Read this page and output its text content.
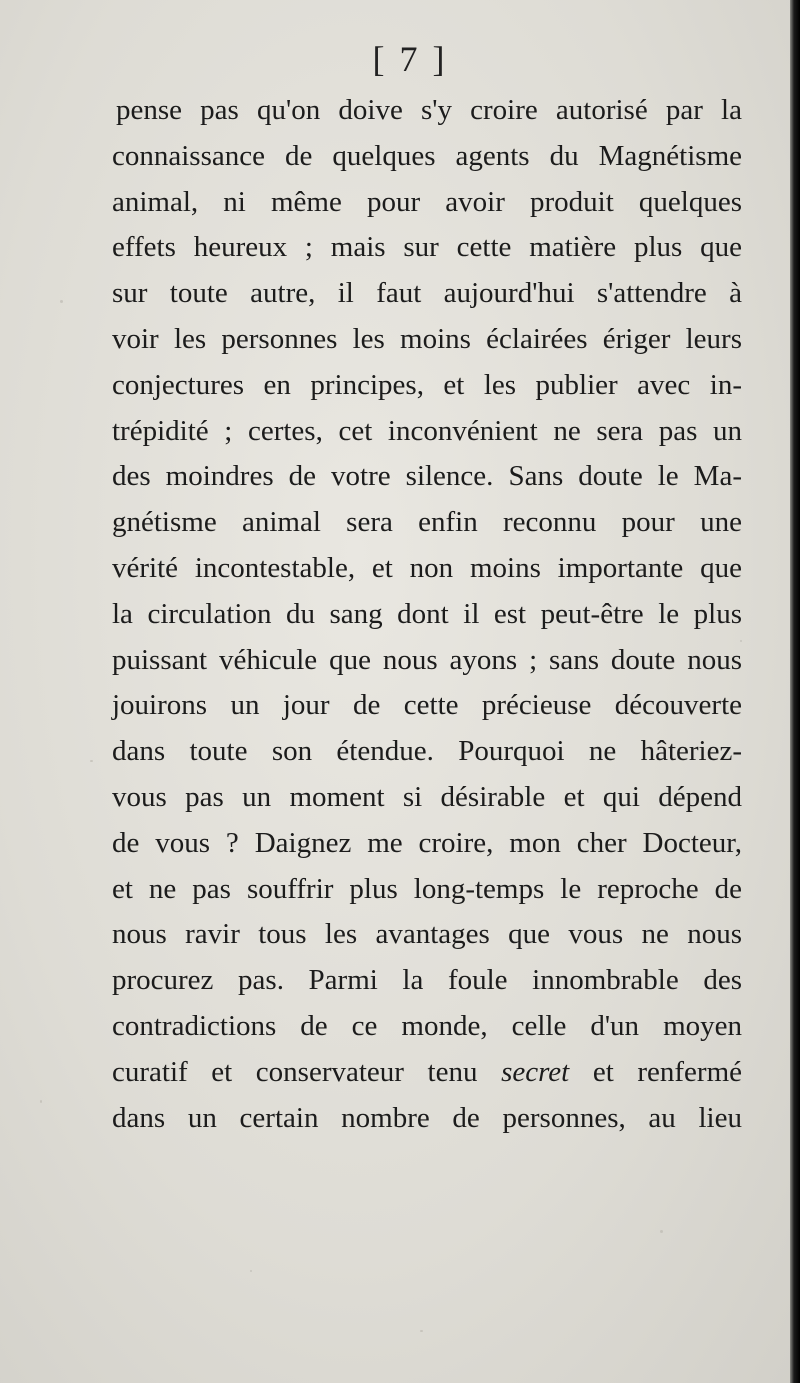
[ 7 ]
pense pas qu'on doive s'y croire autorisé par la
connaissance de quelques agents du Magnétisme
animal, ni même pour avoir produit quelques
effets heureux ; mais sur cette matière plus que
sur toute autre, il faut aujourd'hui s'attendre à
voir les personnes les moins éclairées ériger leurs
conjectures en principes, et les publier avec in-
trépidité ; certes, cet inconvénient ne sera pas un
des moindres de votre silence. Sans doute le Ma-
gnétisme animal sera enfin reconnu pour une
vérité incontestable, et non moins importante que
la circulation du sang dont il est peut-être le plus
puissant véhicule que nous ayons ; sans doute nous
jouirons un jour de cette précieuse découverte
dans toute son étendue. Pourquoi ne hâteriez-
vous pas un moment si désirable et qui dépend
de vous ? Daignez me croire, mon cher Docteur,
et ne pas souffrir plus long-temps le reproche de
nous ravir tous les avantages que vous ne nous
procurez pas. Parmi la foule innombrable des
contradictions de ce monde, celle d'un moyen
curatif et conservateur tenu secret et renfermé
dans un certain nombre de personnes, au lieu
